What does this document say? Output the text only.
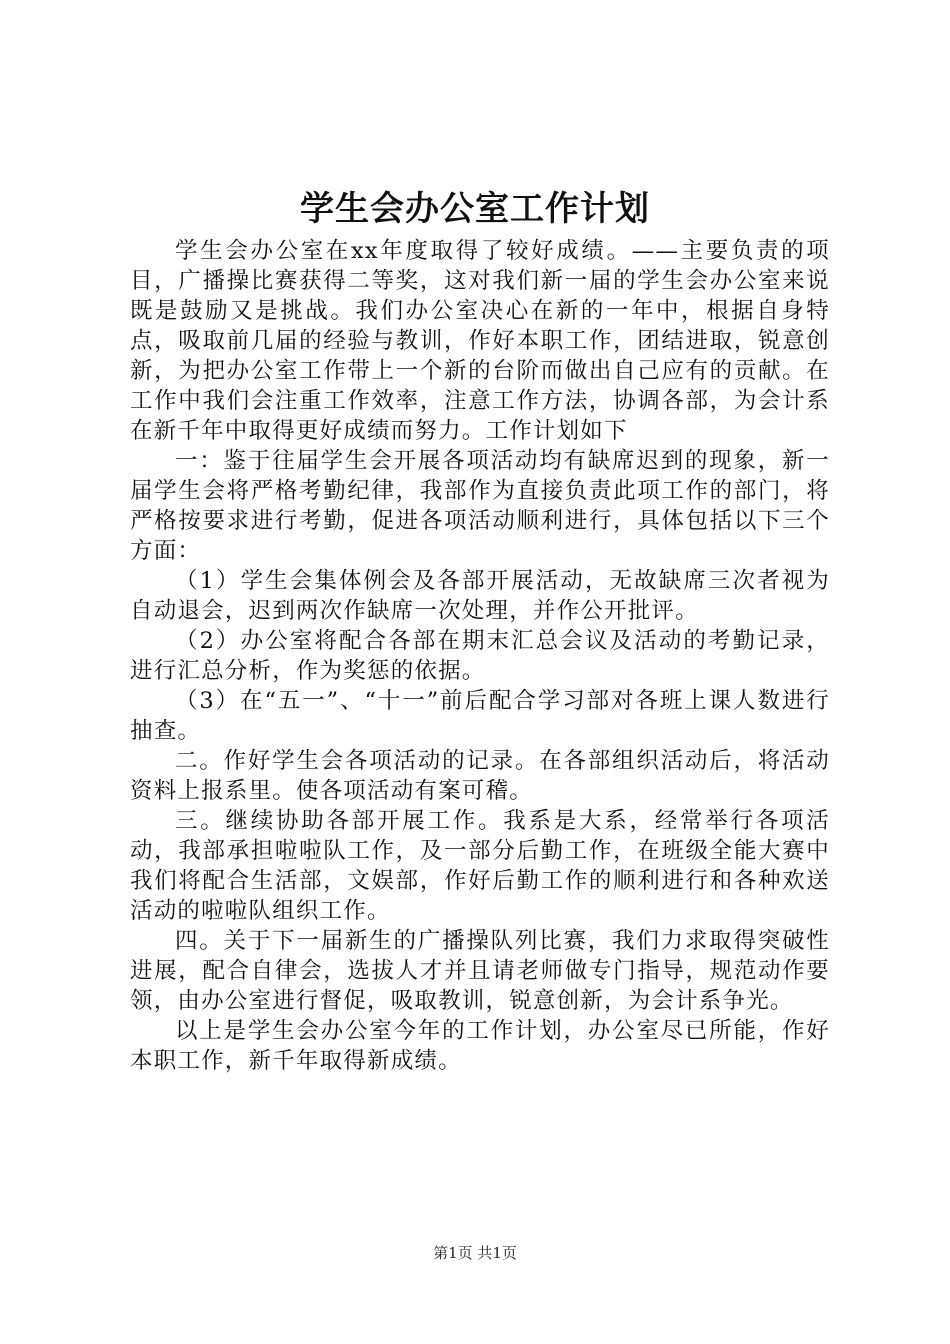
学生会办公室工作计划

学生会办公室在xx年度取得了较好成绩。——主要负责的项目，广播操比赛获得二等奖，这对我们新一届的学生会办公室来说既是鼓励又是挑战。我们办公室决心在新的一年中，根据自身特点，吸取前几届的经验与教训，作好本职工作，团结进取，锐意创新，为把办公室工作带上一个新的台阶而做出自己应有的贡献。在工作中我们会注重工作效率，注意工作方法，协调各部，为会计系在新千年中取得更好成绩而努力。工作计划如下

一：鉴于往届学生会开展各项活动均有缺席迟到的现象，新一届学生会将严格考勤纪律，我部作为直接负责此项工作的部门，将严格按要求进行考勤，促进各项活动顺利进行，具体包括以下三个方面：

（1）学生会集体例会及各部开展活动，无故缺席三次者视为自动退会，迟到两次作缺席一次处理，并作公开批评。

（2）办公室将配合各部在期末汇总会议及活动的考勤记录，进行汇总分析，作为奖惩的依据。

（3）在“五一”、“十一”前后配合学习部对各班上课人数进行抽查。

二。作好学生会各项活动的记录。在各部组织活动后，将活动资料上报系里。使各项活动有案可稽。

三。继续协助各部开展工作。我系是大系，经常举行各项活动，我部承担啦啦队工作，及一部分后勤工作，在班级全能大赛中我们将配合生活部，文娱部，作好后勤工作的顺利进行和各种欢送活动的啦啦队组织工作。

四。关于下一届新生的广播操队列比赛，我们力求取得突破性进展，配合自律会，选拔人才并且请老师做专门指导，规范动作要领，由办公室进行督促，吸取教训，锐意创新，为会计系争光。

以上是学生会办公室今年的工作计划，办公室尽已所能，作好本职工作，新千年取得新成绩。

第1页 共1页
